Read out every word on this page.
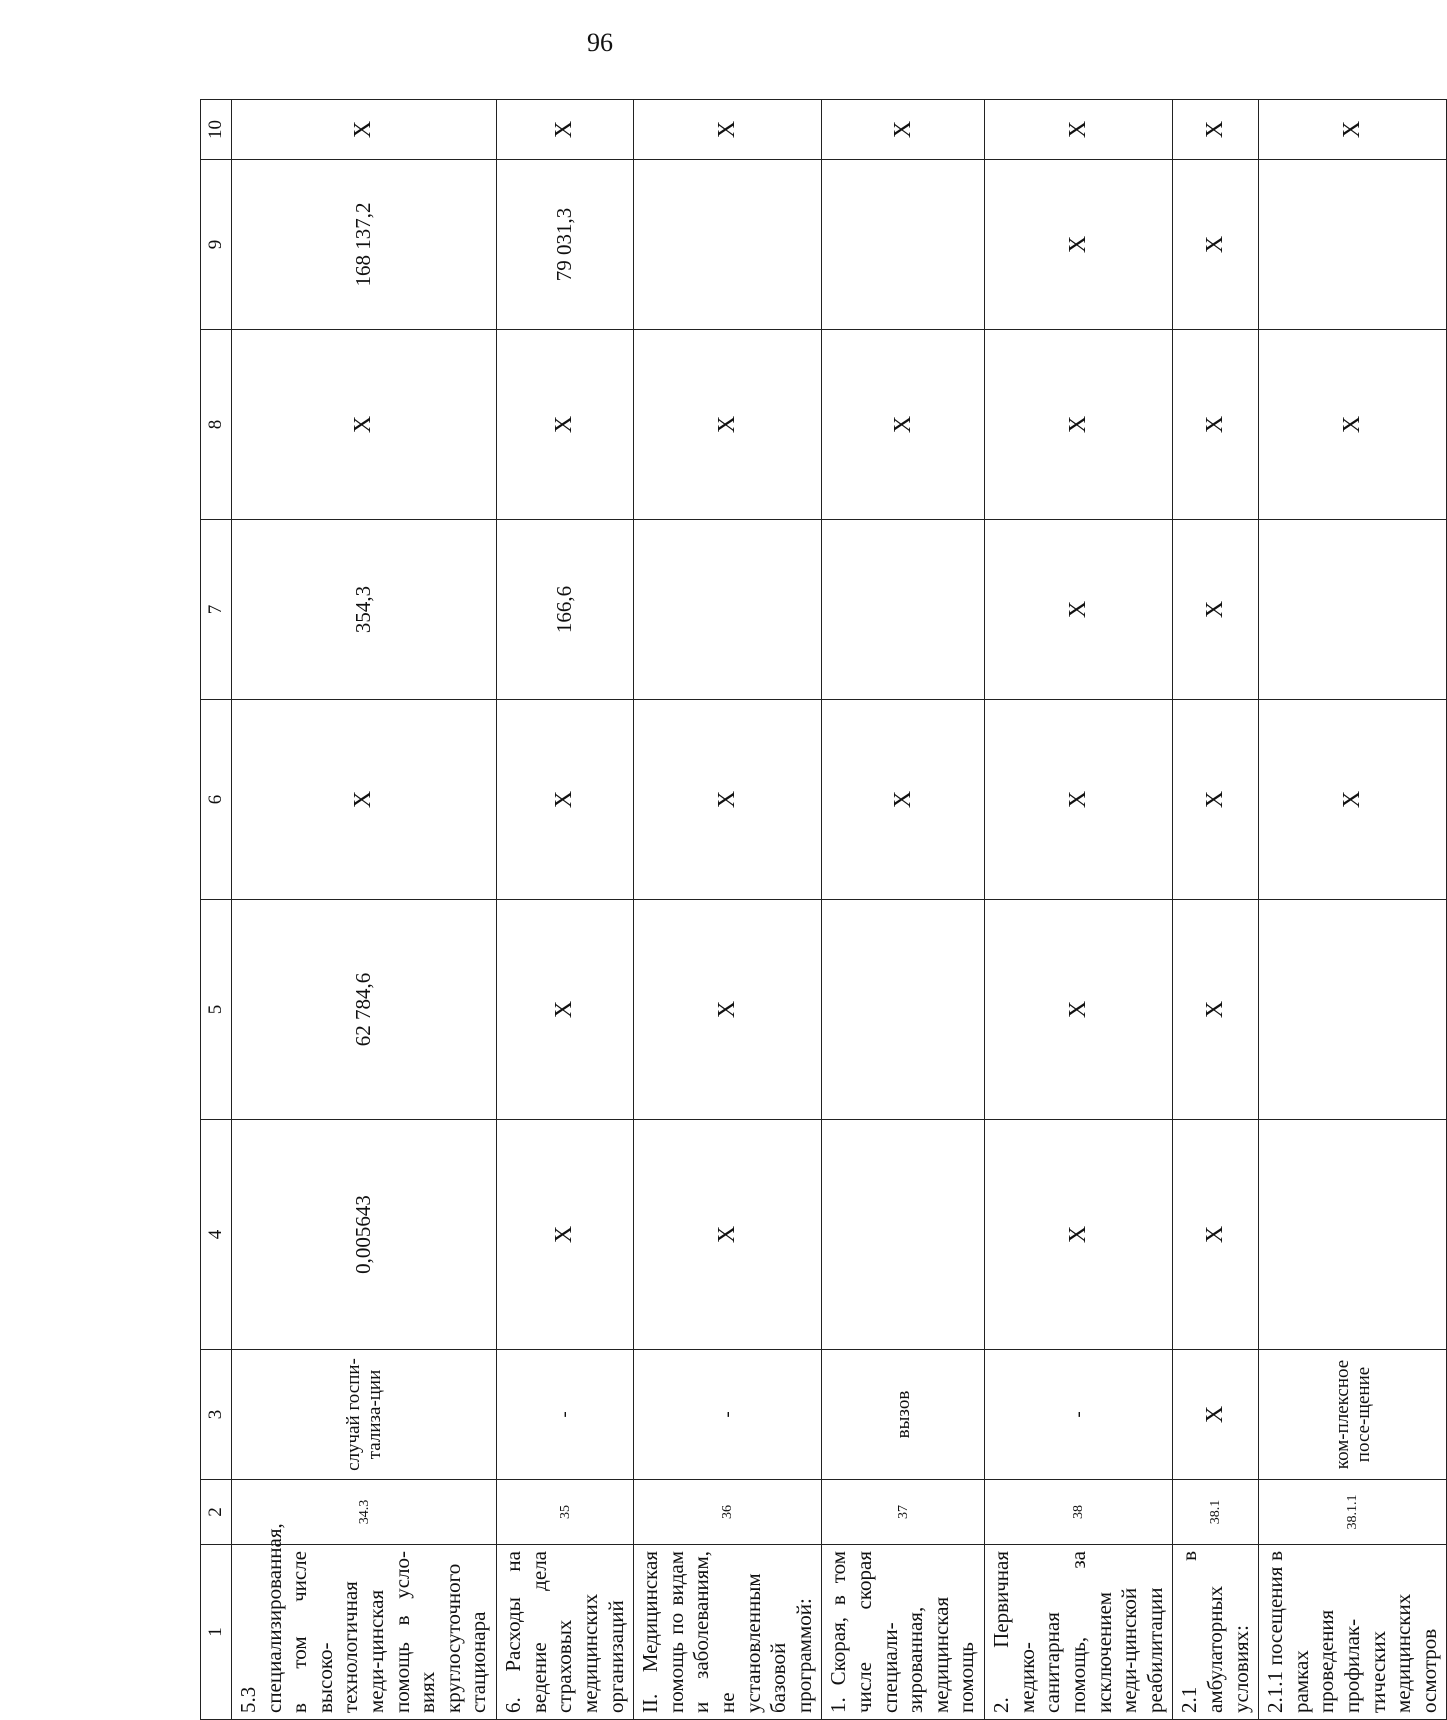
96
1	2	3	4	5	6	7	8	9	10
5.3 специализированная, в том числе высоко-технологичная меди-цинская помощь в усло-виях круглосуточного стационара	34.3	случай госпи-тализа-ции	0,005643	62 784,6	X	354,3	X	168 137,2	X
6. Расходы на ведение дела страховых медицинских организаций	35	-	X	X	X	166,6	X	79 031,3	X
II. Медицинская помощь по видам и заболеваниям, не установленным базовой программой:	36	-	X	X	X		X		X
1. Скорая, в том числе скорая специали-зированная, медицинская помощь	37	вызов			X		X		X
2. Первичная медико-санитарная помощь, за исключением меди-цинской реабилитации	38	-	X	X	X	X	X	X	X
2.1 в амбулаторных условиях:	38.1	X	X	X	X	X	X	X	X
2.1.1 посещения в рамках проведения профилак-тических медицинских осмотров	38.1.1	ком-плексное посе-щение			X		X		X
